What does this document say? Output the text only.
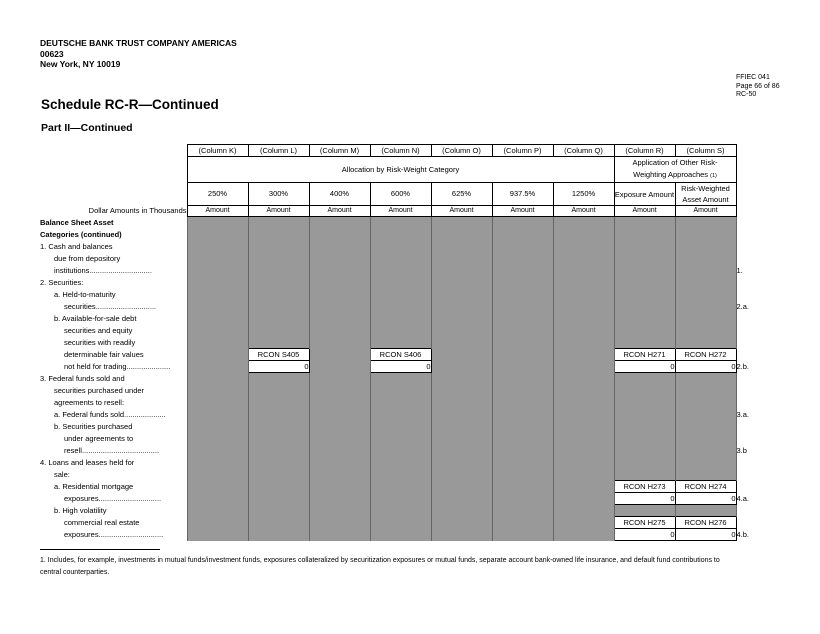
DEUTSCHE BANK TRUST COMPANY AMERICAS
00623
New York, NY 10019
FFIEC 041
Page 66 of 86
RC-50
Schedule RC-R—Continued
Part II—Continued
	(Column K)	(Column L)	(Column M)	(Column N)	(Column O)	(Column P)	(Column Q)	(Column R)	(Column S)	
	Allocation by Risk-Weight Category							Application of Other Risk-Weighting Approaches (1)		
	250%	300%	400%	600%	625%	937.5%	1250%	Exposure Amount	Risk-Weighted Asset Amount	
Dollar Amounts in Thousands	Amount	Amount	Amount	Amount	Amount	Amount	Amount	Amount	Amount	
Balance Sheet Asset										
Categories (continued)										
1. Cash and balances										
due from depository										
institutions..............................										1.
2. Securities:										
a. Held-to-maturity										
securities.............................										2.a.
b. Available-for-sale debt										
securities and equity										
securities with readily										
determinable fair values		RCON S405		RCON S406				RCON H271	RCON H272	
not held for trading.....................		0		0				0	0	2.b.
3. Federal funds sold and										
securities purchased under										
agreements to resell:										
a. Federal funds sold....................										3.a.
b. Securities purchased										
under agreements to										
resell.....................................										3.b
4. Loans and leases held for										
sale:										
a. Residential mortgage								RCON H273	RCON H274	
exposures..............................								0	0	4.a.
b. High volatility										
commercial real estate								RCON H275	RCON H276	
exposures...............................								0	0	4.b.
1. Includes, for example, investments in mutual funds/investment funds, exposures collateralized by securitization exposures or mutual funds, separate account bank-owned life insurance, and default fund contributions to central counterparties.
